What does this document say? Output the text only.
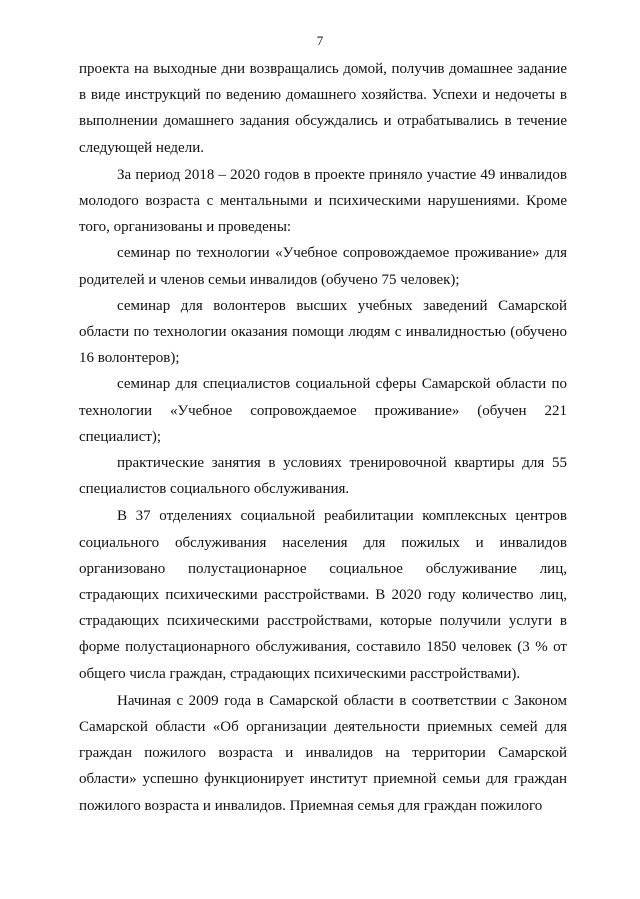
7

проекта на выходные дни возвращались домой, получив домашнее задание в виде инструкций по ведению домашнего хозяйства. Успехи и недочеты в выполнении домашнего задания обсуждались и отрабатывались в течение следующей недели.

За период 2018 – 2020 годов в проекте приняло участие 49 инвалидов молодого возраста с ментальными и психическими нарушениями. Кроме того, организованы и проведены:

семинар по технологии «Учебное сопровождаемое проживание» для родителей и членов семьи инвалидов (обучено 75 человек);

семинар для волонтеров высших учебных заведений Самарской области по технологии оказания помощи людям с инвалидностью (обучено 16 волонтеров);

семинар для специалистов социальной сферы Самарской области по технологии «Учебное сопровождаемое проживание» (обучен 221 специалист);

практические занятия в условиях тренировочной квартиры для 55 специалистов социального обслуживания.

В 37 отделениях социальной реабилитации комплексных центров социального обслуживания населения для пожилых и инвалидов организовано полустационарное социальное обслуживание лиц, страдающих психическими расстройствами. В 2020 году количество лиц, страдающих психическими расстройствами, которые получили услуги в форме полустационарного обслуживания, составило 1850 человек (3 % от общего числа граждан, страдающих психическими расстройствами).

Начиная с 2009 года в Самарской области в соответствии с Законом Самарской области «Об организации деятельности приемных семей для граждан пожилого возраста и инвалидов на территории Самарской области» успешно функционирует институт приемной семьи для граждан пожилого возраста и инвалидов. Приемная семья для граждан пожилого
